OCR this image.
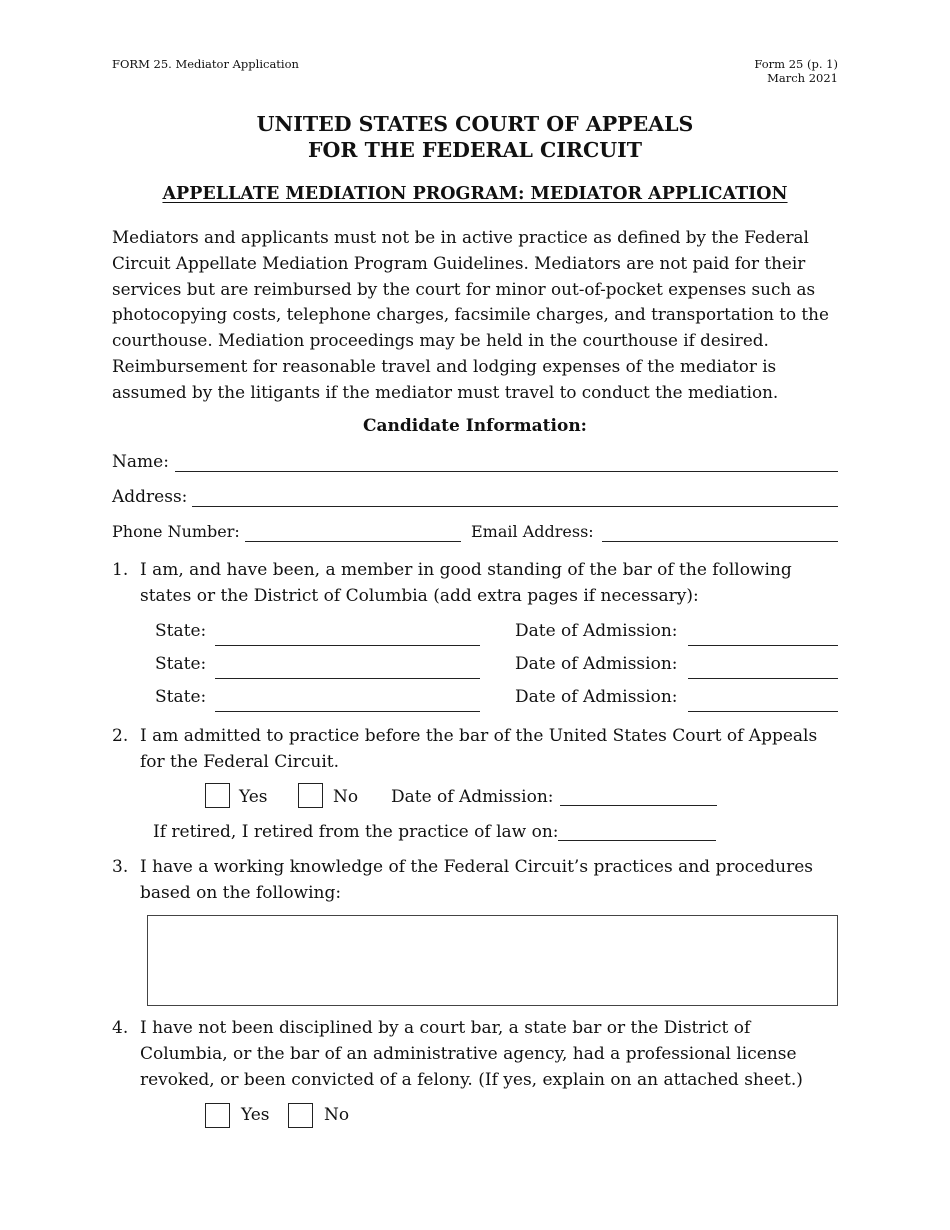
FORM 25. Mediator Application	Form 25 (p. 1)
March 2021
UNITED STATES COURT OF APPEALS
FOR THE FEDERAL CIRCUIT
APPELLATE MEDIATION PROGRAM: MEDIATOR APPLICATION
Mediators and applicants must not be in active practice as defined by the Federal
Circuit Appellate Mediation Program Guidelines. Mediators are not paid for their
services but are reimbursed by the court for minor out-of-pocket expenses such as
photocopying costs, telephone charges, facsimile charges, and transportation to the
courthouse. Mediation proceedings may be held in the courthouse if desired.
Reimbursement for reasonable travel and lodging expenses of the mediator is
assumed by the litigants if the mediator must travel to conduct the mediation.
Candidate Information:
Name:
Address:
Phone Number:	Email Address:
1. I am, and have been, a member in good standing of the bar of the following
states or the District of Columbia (add extra pages if necessary):
State:	Date of Admission:
State:	Date of Admission:
State:	Date of Admission:
2. I am admitted to practice before the bar of the United States Court of Appeals
for the Federal Circuit.
Yes	No Date of Admission:
If retired, I retired from the practice of law on:
3. I have a working knowledge of the Federal Circuit’s practices and procedures
based on the following:
4. I have not been disciplined by a court bar, a state bar or the District of
Columbia, or the bar of an administrative agency, had a professional license
revoked, or been convicted of a felony. (If yes, explain on an attached sheet.)
Yes	No
